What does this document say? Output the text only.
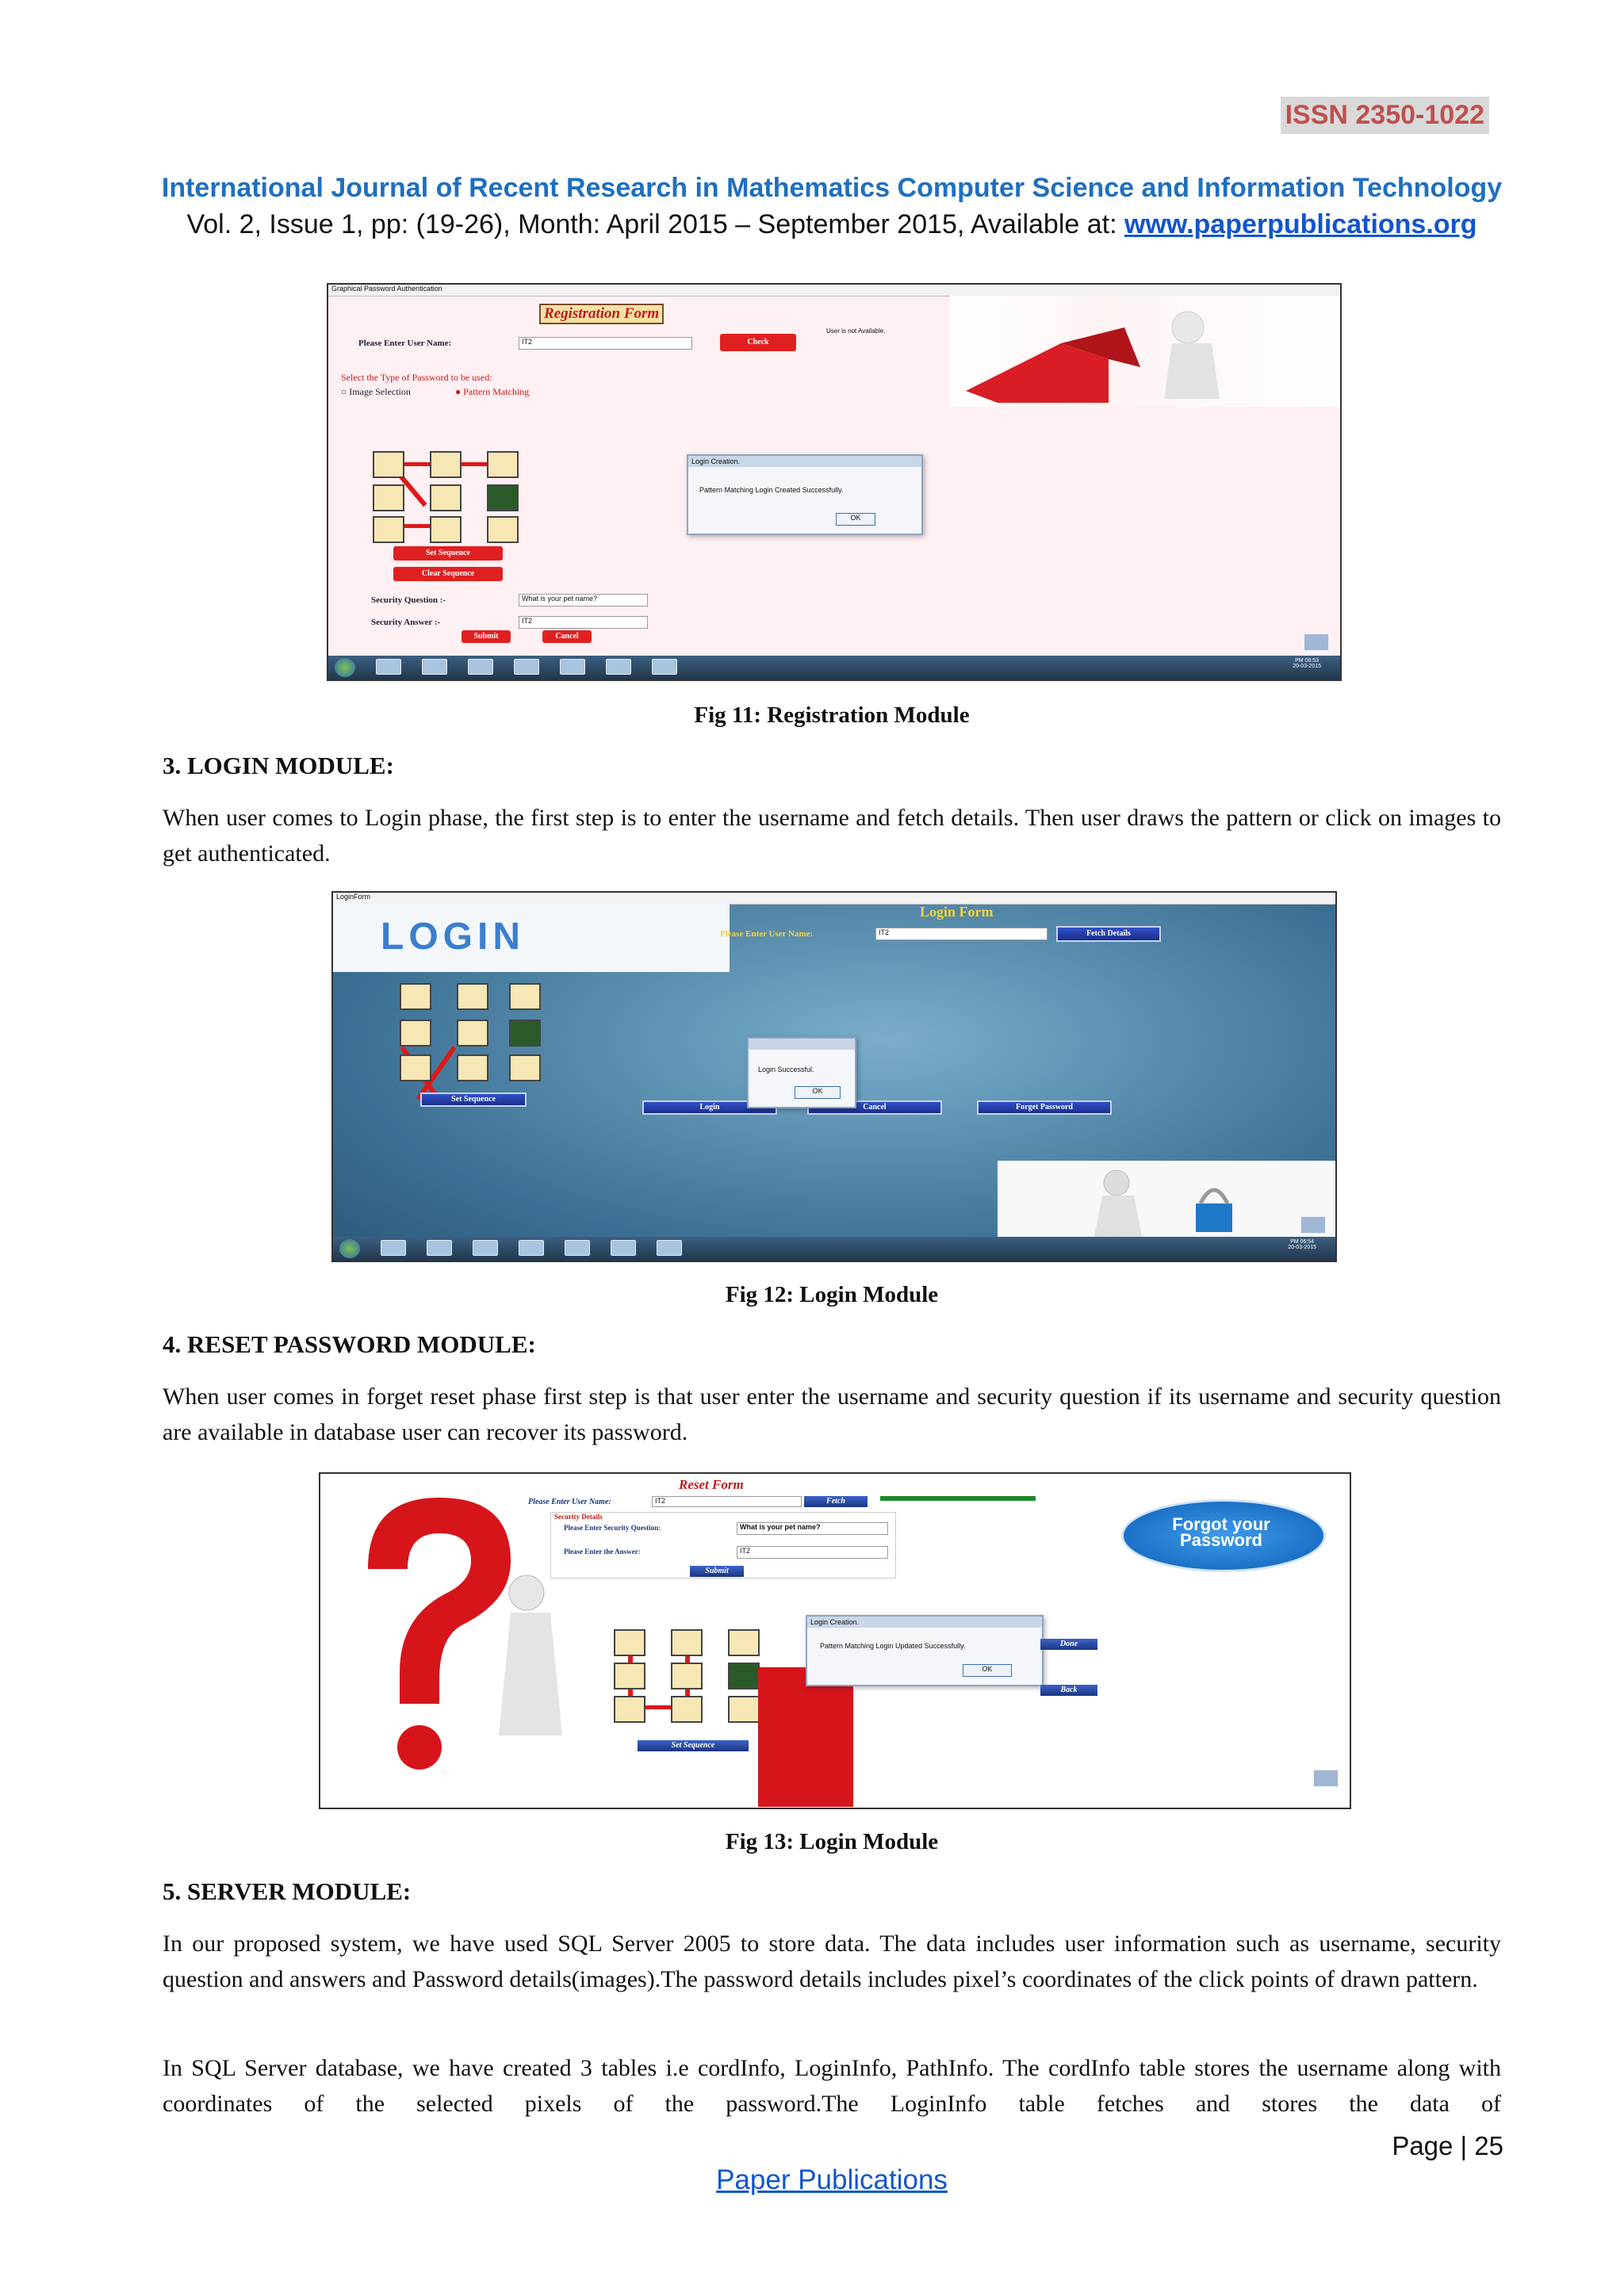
ISSN 2350-1022
International Journal of Recent Research in Mathematics Computer Science and Information Technology
Vol. 2, Issue 1, pp: (19-26), Month: April 2015 – September 2015, Available at: www.paperpublications.org
Graphical Password Authentication
Registration Form
Please Enter User Name:	IT2	Check
User is not Available.
Select the Type of Password to be used:
○ Image Selection	● Pattern Matching
Set Sequence
Clear Sequence
Security Question :-	What is your pet name?
Security Answer :-	IT2
Submit	Cancel
Login Creation.
Pattern Matching Login Created Successfully.
OK
PM 06:53
20-03-2015
Fig 11: Registration Module
3. LOGIN MODULE:
When user comes to Login phase, the first step is to enter the username and fetch details. Then user draws the pattern or click on images to get authenticated.
LoginForm
LOGIN
Login Form
Please Enter User Name:	IT2	Fetch Details
Set Sequence
Login	Cancel	Forget Password
Login Successful.
OK
PM 06:54
20-03-2015
Fig 12: Login Module
4. RESET PASSWORD MODULE:
When user comes in forget reset phase first step is that user enter the username and security question if its username and security question are available in database user can recover its password.
Reset Form
Please Enter User Name:	IT2	Fetch
Security Details
Please Enter Security Question:	What is your pet name?
Please Enter the Answer:	IT2
Submit
Forgot your
Password
Set Sequence
Login Creation.
Pattern Matching Login Updated Successfully.
OK
Done
Back
Fig 13: Login Module
5. SERVER MODULE:
In our proposed system, we have used SQL Server 2005 to store data. The data includes user information such as username, security question and answers and Password details(images).The password details includes pixel’s coordinates of the click points of drawn pattern.
In SQL Server database, we have created 3 tables i.e cordInfo, LoginInfo, PathInfo. The cordInfo table stores the username along with coordinates of the selected pixels of the password.The LoginInfo table fetches and stores the data of
Page | 25
Paper Publications
